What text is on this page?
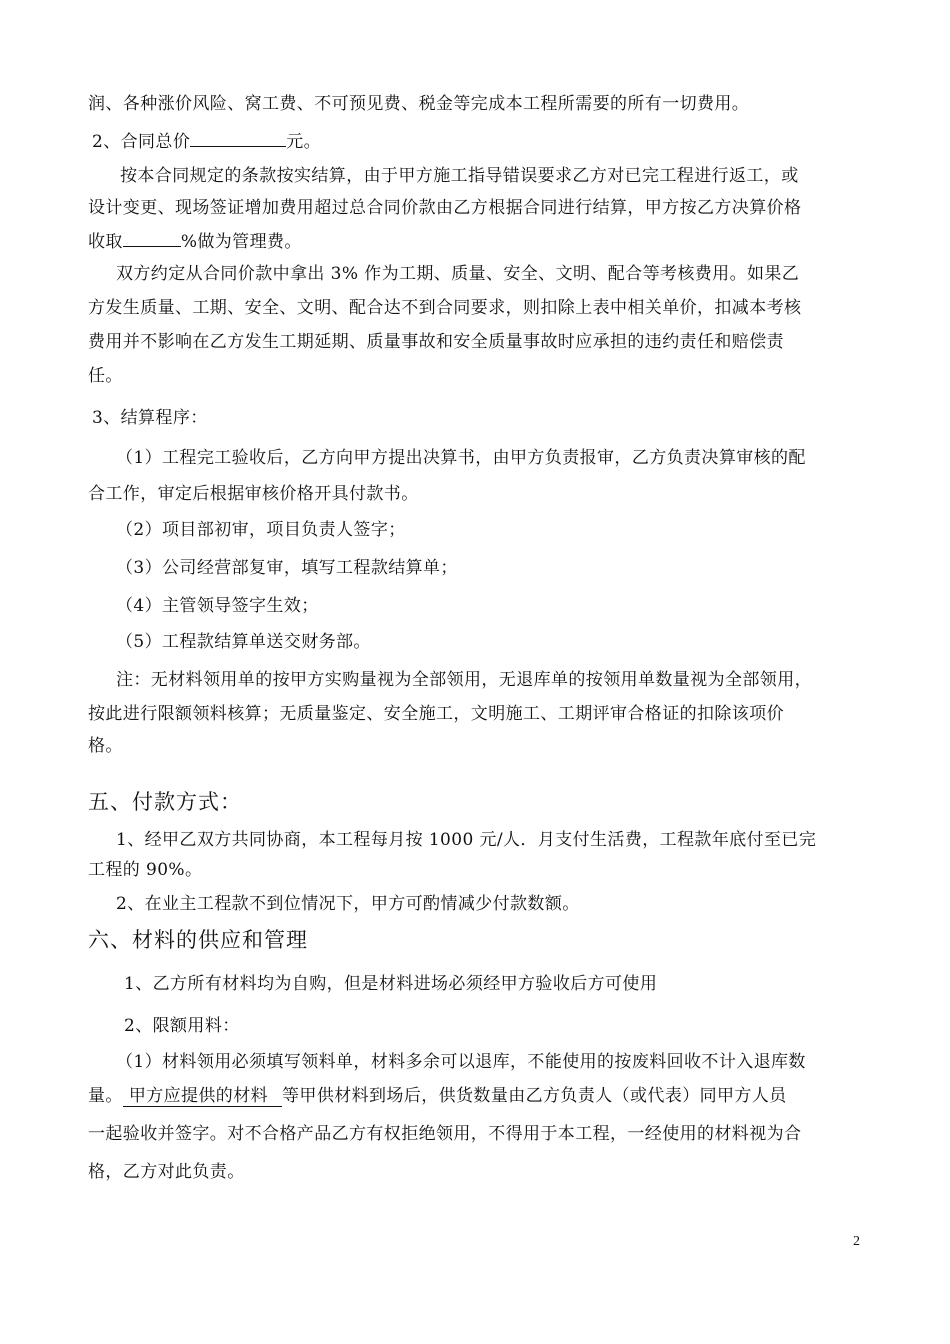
润、各种涨价风险、窝工费、不可预见费、税金等完成本工程所需要的所有一切费用。
2、合同总价	元。
按本合同规定的条款按实结算，由于甲方施工指导错误要求乙方对已完工程进行返工，或
设计变更、现场签证增加费用超过总合同价款由乙方根据合同进行结算，甲方按乙方决算价格
收取	%做为管理费。
双方约定从合同价款中拿出 3% 作为工期、质量、安全、文明、配合等考核费用。如果乙
方发生质量、工期、安全、文明、配合达不到合同要求，则扣除上表中相关单价，扣减本考核
费用并不影响在乙方发生工期延期、质量事故和安全质量事故时应承担的违约责任和赔偿责
任。
3、结算程序：
（1）工程完工验收后，乙方向甲方提出决算书，由甲方负责报审，乙方负责决算审核的配
合工作，审定后根据审核价格开具付款书。
（2）项目部初审，项目负责人签字；
（3）公司经营部复审，填写工程款结算单；
（4）主管领导签字生效；
（5）工程款结算单送交财务部。
注：无材料领用单的按甲方实购量视为全部领用，无退库单的按领用单数量视为全部领用，
按此进行限额领料核算；无质量鉴定、安全施工，文明施工、工期评审合格证的扣除该项价
格。
五、付款方式：
1、经甲乙双方共同协商，本工程每月按 1000 元/人．月支付生活费，工程款年底付至已完
工程的 90%。
2、在业主工程款不到位情况下，甲方可酌情减少付款数额。
六、材料的供应和管理
1、乙方所有材料均为自购，但是材料进场必须经甲方验收后方可使用
2、限额用料：
（1）材料领用必须填写领料单，材料多余可以退库，不能使用的按废料回收不计入退库数
量。 甲方应提供的材料 等甲供材料到场后，供货数量由乙方负责人（或代表）同甲方人员
一起验收并签字。对不合格产品乙方有权拒绝领用，不得用于本工程，一经使用的材料视为合
格，乙方对此负责。
2
